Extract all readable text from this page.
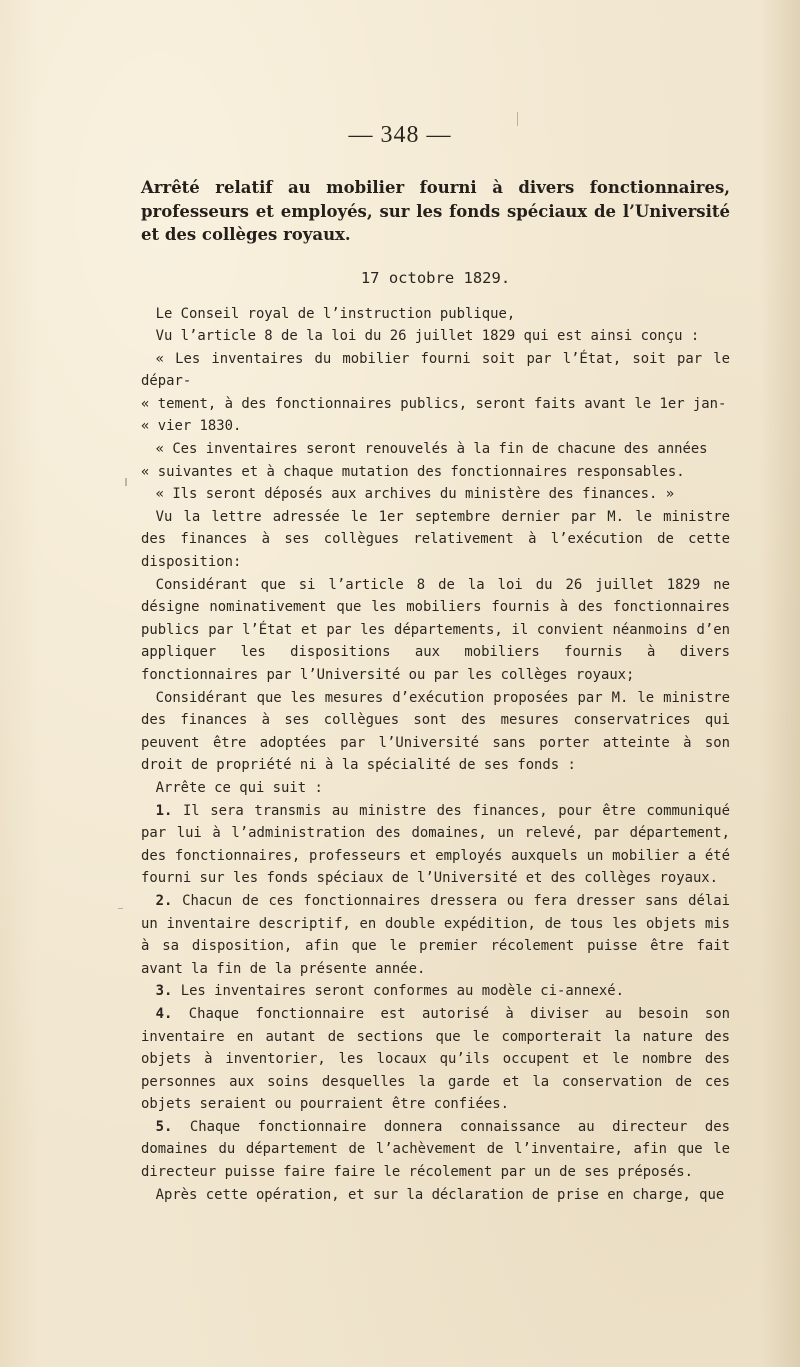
— 348 —
Arrêté relatif au mobilier fourni à divers fonctionnaires, professeurs et employés, sur les fonds spéciaux de l’Université et des collèges royaux.
17 octobre 1829.

Le Conseil royal de l’instruction publique,

Vu l’article 8 de la loi du 26 juillet 1829 qui est ainsi conçu :

« Les inventaires du mobilier fourni soit par l’État, soit par le dépar-

« tement, à des fonctionnaires publics, seront faits avant le 1er jan-

« vier 1830.

« Ces inventaires seront renouvelés à la fin de chacune des années

« suivantes et à chaque mutation des fonctionnaires responsables.

« Ils seront déposés aux archives du ministère des finances. »

Vu la lettre adressée le 1er septembre dernier par M. le ministre des finances à ses collègues relativement à l’exécution de cette disposition:

Considérant que si l’article 8 de la loi du 26 juillet 1829 ne désigne nominativement que les mobiliers fournis à des fonctionnaires publics par l’État et par les départements, il convient néanmoins d’en appliquer les dispositions aux mobiliers fournis à divers fonctionnaires par l’Université ou par les collèges royaux;

Considérant que les mesures d’exécution proposées par M. le ministre des finances à ses collègues sont des mesures conservatrices qui peuvent être adoptées par l’Université sans porter atteinte à son droit de propriété ni à la spécialité de ses fonds :

Arrête ce qui suit :

1. Il sera transmis au ministre des finances, pour être communiqué par lui à l’administration des domaines, un relevé, par département, des fonctionnaires, professeurs et employés auxquels un mobilier a été fourni sur les fonds spéciaux de l’Université et des collèges royaux.

2. Chacun de ces fonctionnaires dressera ou fera dresser sans délai un inventaire descriptif, en double expédition, de tous les objets mis à sa disposition, afin que le premier récolement puisse être fait avant la fin de la présente année.

3. Les inventaires seront conformes au modèle ci-annexé.

4. Chaque fonctionnaire est autorisé à diviser au besoin son inventaire en autant de sections que le comporterait la nature des objets à inventorier, les locaux qu’ils occupent et le nombre des personnes aux soins desquelles la garde et la conservation de ces objets seraient ou pourraient être confiées.

5. Chaque fonctionnaire donnera connaissance au directeur des domaines du département de l’achèvement de l’inventaire, afin que le directeur puisse faire faire le récolement par un de ses préposés.

Après cette opération, et sur la déclaration de prise en charge, que
